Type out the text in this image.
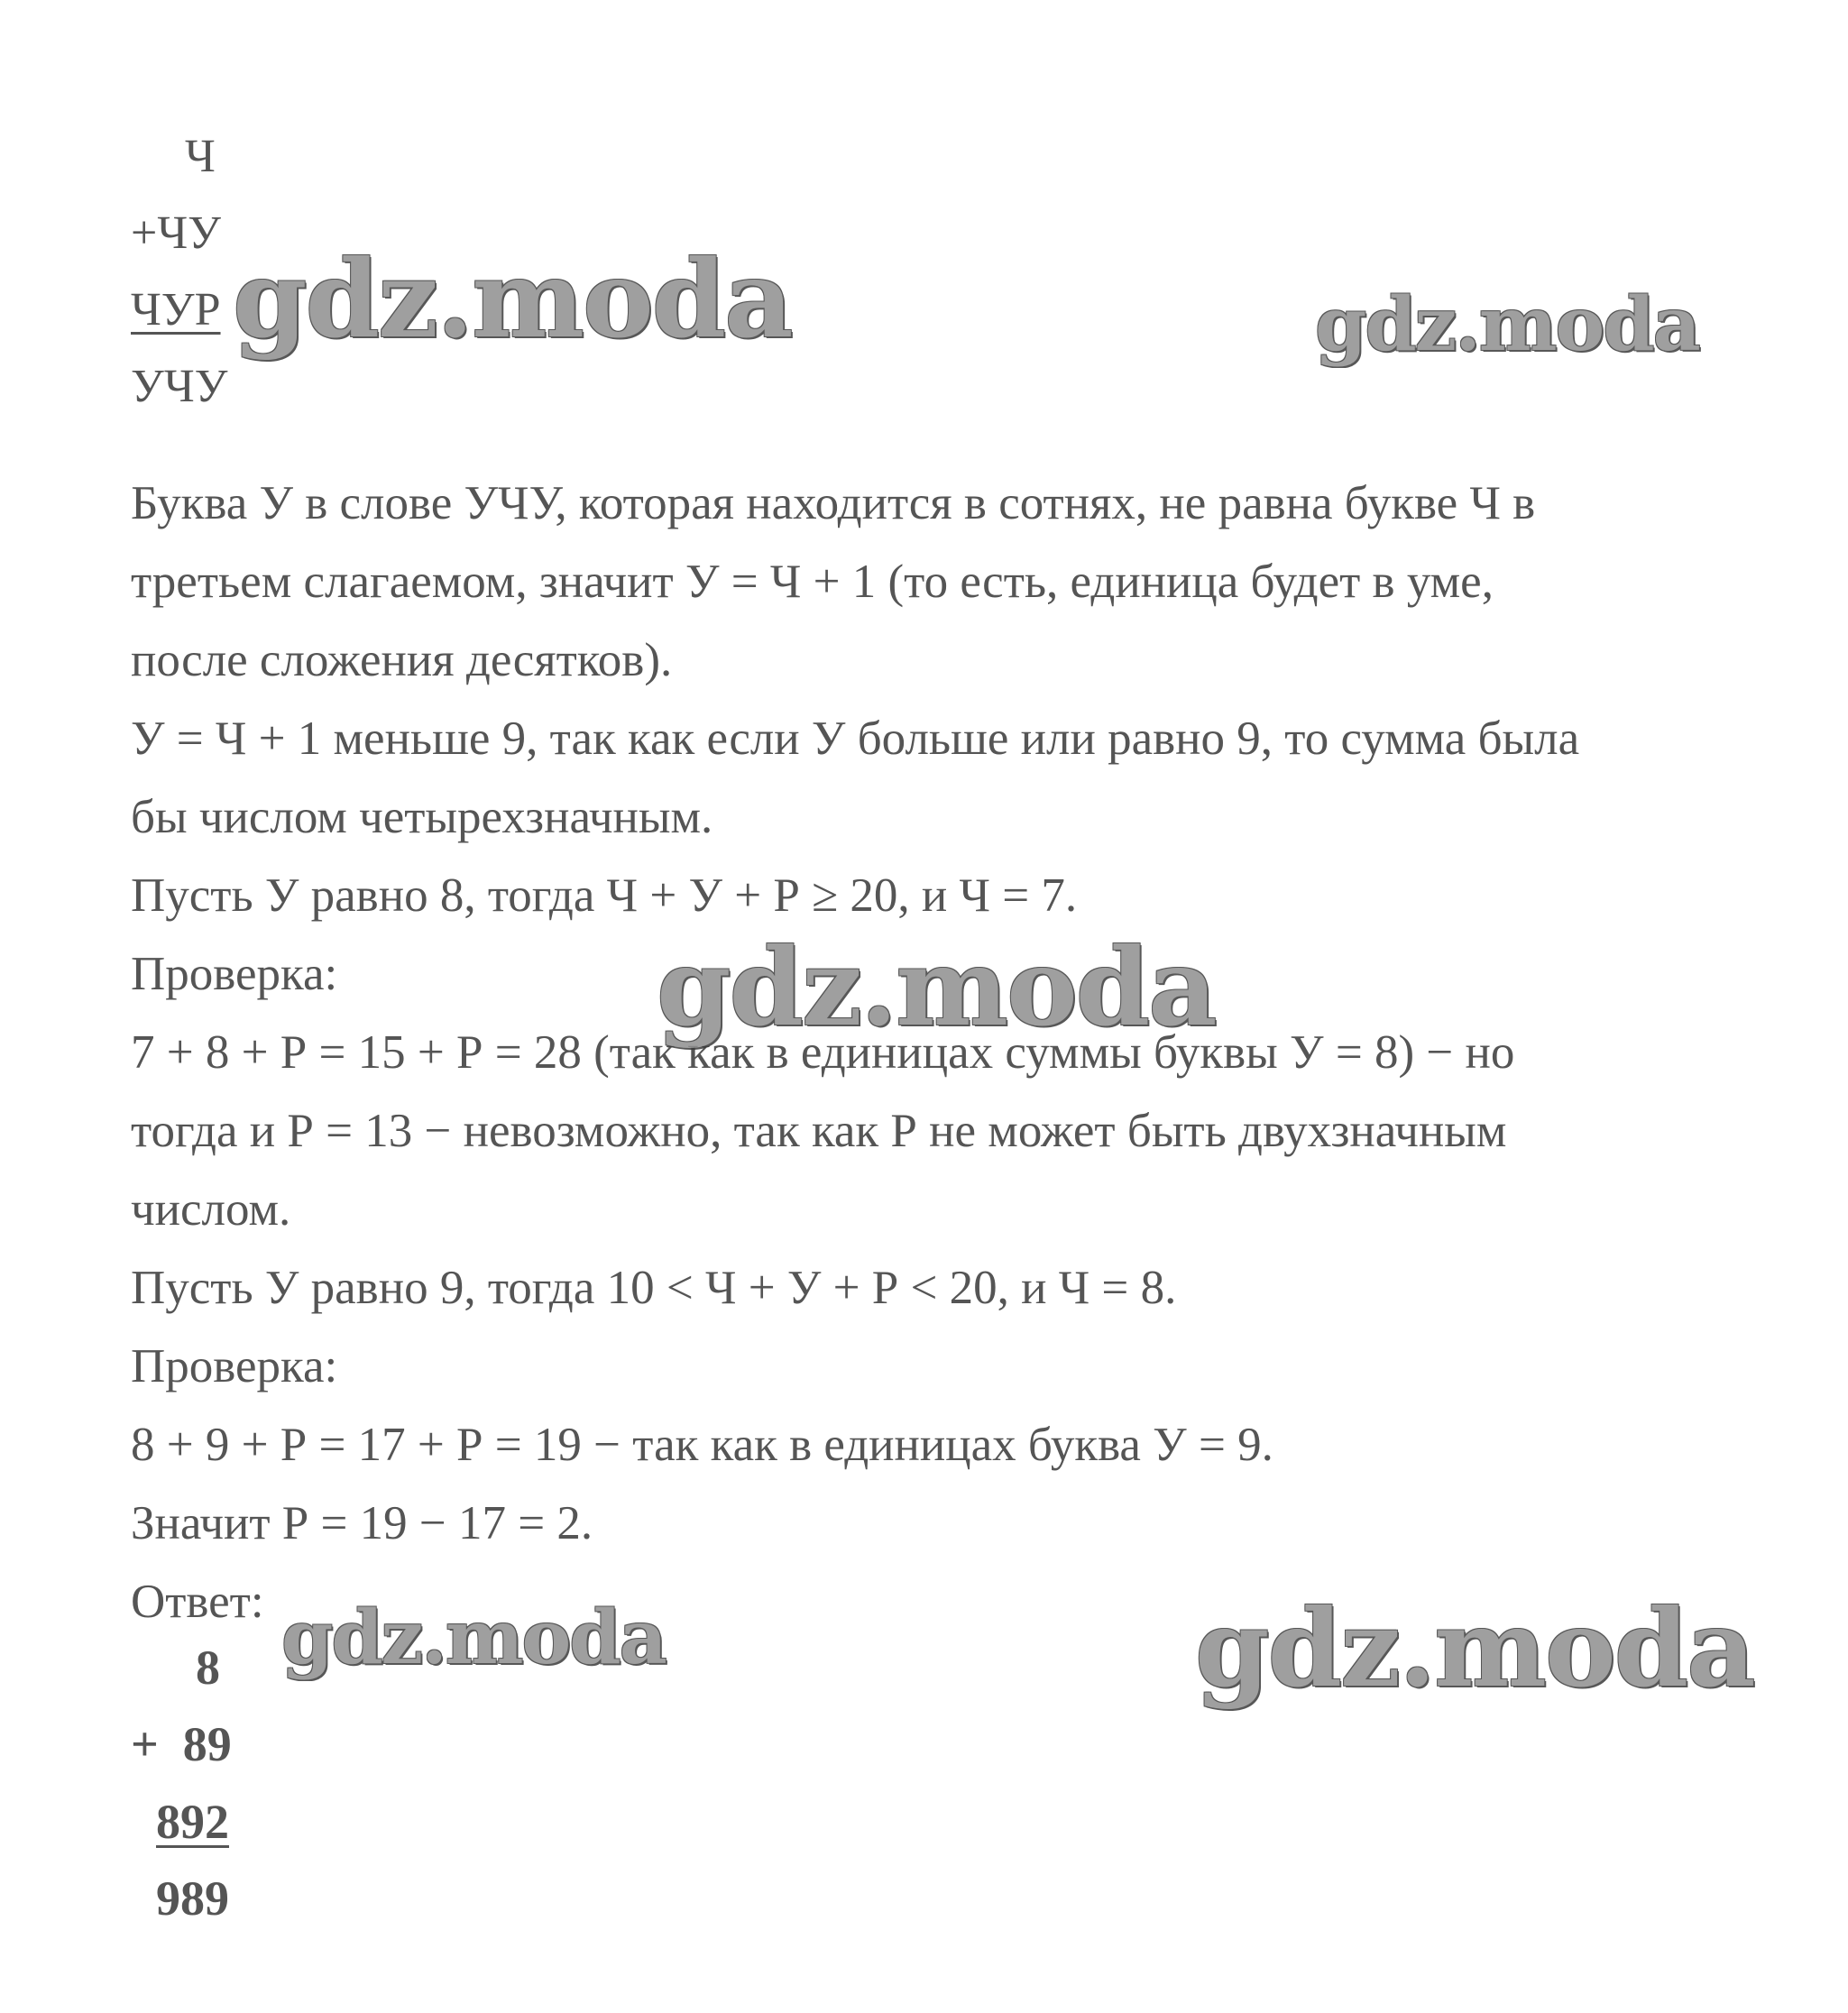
Ч
+ЧУ
ЧУР
УЧУ

Буква У в слове УЧУ, которая находится в сотнях, не равна букве Ч в

третьем слагаемом, значит У = Ч + 1 (то есть, единица будет в уме,

после сложения десятков).

У = Ч + 1 меньше 9, так как если У больше или равно 9, то сумма была

бы числом четырехзначным.

Пусть У равно 8, тогда Ч + У + Р ≥ 20, и Ч = 7.

Проверка:

7 + 8 + Р = 15 + Р = 28 (так как в единицах суммы буквы У = 8) − но

тогда и Р = 13 − невозможно, так как Р не может быть двухзначным

числом.

Пусть У равно 9, тогда 10 < Ч + У + Р < 20, и Ч = 8.

Проверка:

8 + 9 + Р = 17 + Р = 19 − так как в единицах буква У = 9.

Значит Р = 19 − 17 = 2.

Ответ:

8
+  89
892
989
gdz.moda	gdz.moda
gdz.moda
gdz.moda	gdz.moda
